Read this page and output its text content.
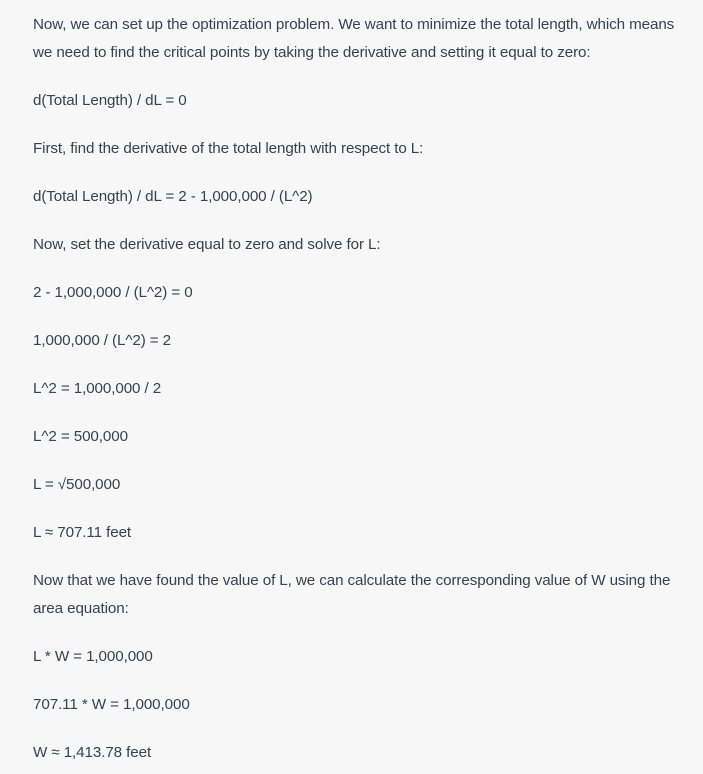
Now, we can set up the optimization problem. We want to minimize the total length, which means we need to find the critical points by taking the derivative and setting it equal to zero:

d(Total Length) / dL = 0

First, find the derivative of the total length with respect to L:

d(Total Length) / dL = 2 - 1,000,000 / (L^2)

Now, set the derivative equal to zero and solve for L:

2 - 1,000,000 / (L^2) = 0

1,000,000 / (L^2) = 2

L^2 = 1,000,000 / 2

L^2 = 500,000

L = √500,000

L ≈ 707.11 feet

Now that we have found the value of L, we can calculate the corresponding value of W using the area equation:

L * W = 1,000,000

707.11 * W = 1,000,000

W ≈ 1,413.78 feet
